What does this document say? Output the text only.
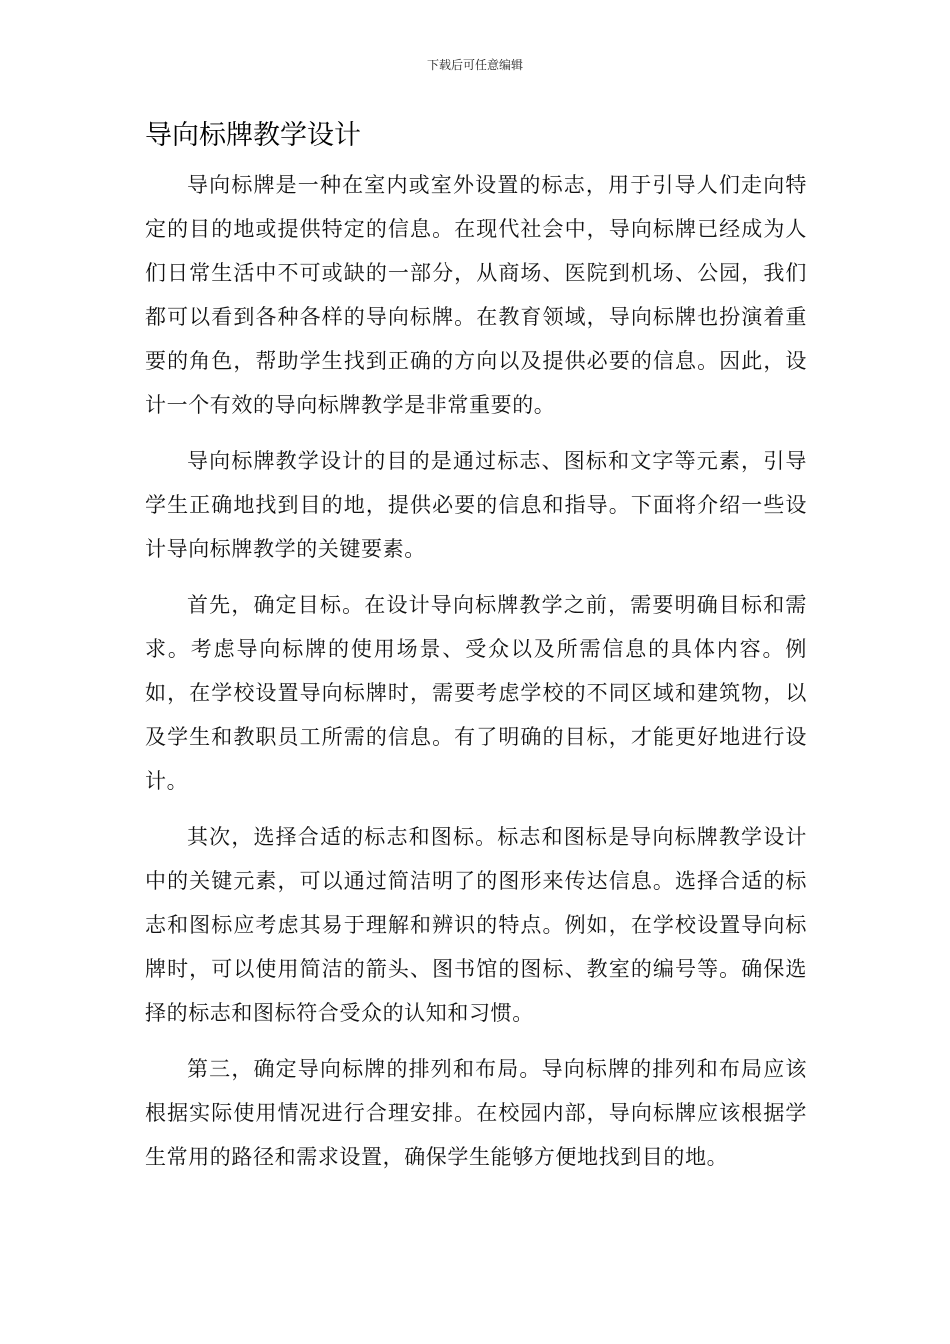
下载后可任意编辑
导向标牌教学设计

导向标牌是一种在室内或室外设置的标志，用于引导人们走向特定的目的地或提供特定的信息。在现代社会中，导向标牌已经成为人们日常生活中不可或缺的一部分，从商场、医院到机场、公园，我们都可以看到各种各样的导向标牌。在教育领域，导向标牌也扮演着重要的角色，帮助学生找到正确的方向以及提供必要的信息。因此，设计一个有效的导向标牌教学是非常重要的。

导向标牌教学设计的目的是通过标志、图标和文字等元素，引导学生正确地找到目的地，提供必要的信息和指导。下面将介绍一些设计导向标牌教学的关键要素。

首先，确定目标。在设计导向标牌教学之前，需要明确目标和需求。考虑导向标牌的使用场景、受众以及所需信息的具体内容。例如，在学校设置导向标牌时，需要考虑学校的不同区域和建筑物，以及学生和教职员工所需的信息。有了明确的目标，才能更好地进行设计。

其次，选择合适的标志和图标。标志和图标是导向标牌教学设计中的关键元素，可以通过简洁明了的图形来传达信息。选择合适的标志和图标应考虑其易于理解和辨识的特点。例如，在学校设置导向标牌时，可以使用简洁的箭头、图书馆的图标、教室的编号等。确保选择的标志和图标符合受众的认知和习惯。

第三，确定导向标牌的排列和布局。导向标牌的排列和布局应该根据实际使用情况进行合理安排。在校园内部，导向标牌应该根据学生常用的路径和需求设置，确保学生能够方便地找到目的地。
